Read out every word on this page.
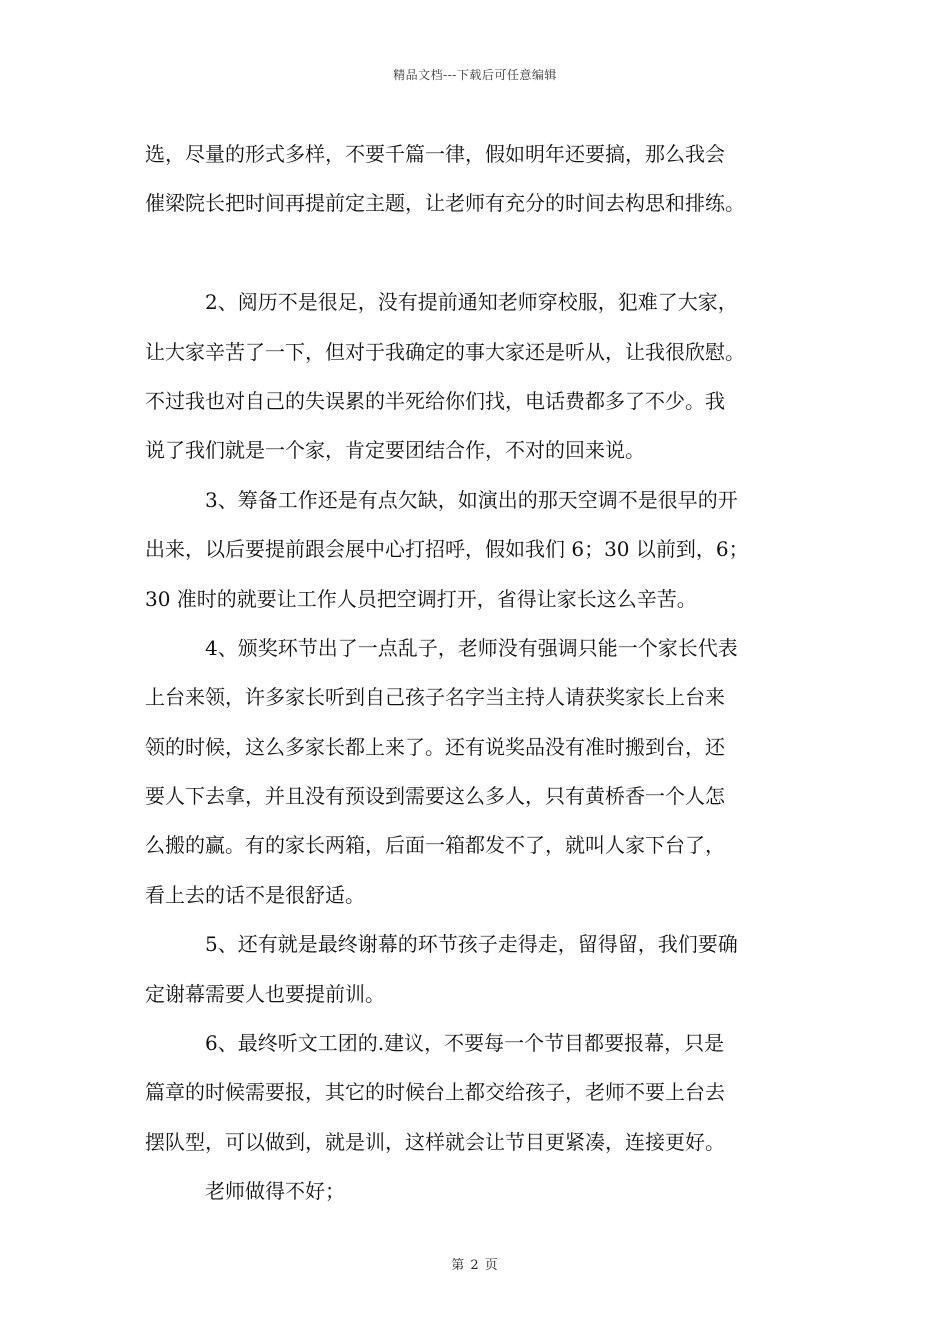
精品文档---下载后可任意编辑
选，尽量的形式多样，不要千篇一律，假如明年还要搞，那么我会
催梁院长把时间再提前定主题，让老师有充分的时间去构思和排练。
2、阅历不是很足，没有提前通知老师穿校服，犯难了大家，
让大家辛苦了一下，但对于我确定的事大家还是听从，让我很欣慰。
不过我也对自己的失误累的半死给你们找，电话费都多了不少。我
说了我们就是一个家，肯定要团结合作，不对的回来说。
3、筹备工作还是有点欠缺，如演出的那天空调不是很早的开
出来，以后要提前跟会展中心打招呼，假如我们 6；30 以前到，6；
30 准时的就要让工作人员把空调打开，省得让家长这么辛苦。
4、颁奖环节出了一点乱子，老师没有强调只能一个家长代表
上台来领，许多家长听到自己孩子名字当主持人请获奖家长上台来
领的时候，这么多家长都上来了。还有说奖品没有准时搬到台，还
要人下去拿，并且没有预设到需要这么多人，只有黄桥香一个人怎
么搬的赢。有的家长两箱，后面一箱都发不了，就叫人家下台了，
看上去的话不是很舒适。
5、还有就是最终谢幕的环节孩子走得走，留得留，我们要确
定谢幕需要人也要提前训。
6、最终听文工团的.建议，不要每一个节目都要报幕，只是
篇章的时候需要报，其它的时候台上都交给孩子，老师不要上台去
摆队型，可以做到，就是训，这样就会让节目更紧凑，连接更好。
老师做得不好；
第 2 页
